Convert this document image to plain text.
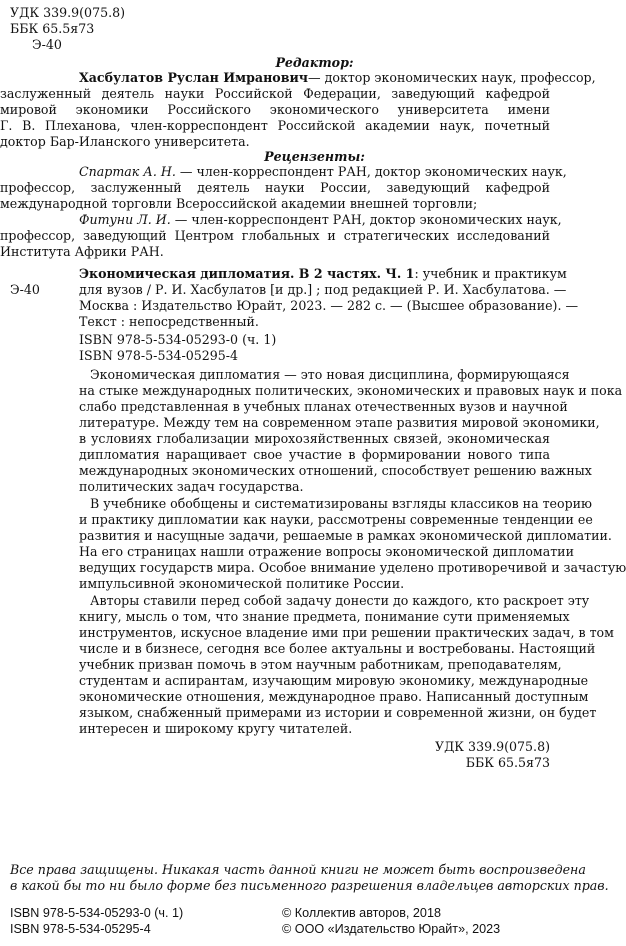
УДК 339.9(075.8)
ББК 65.5я73
Э-40
Редактор:
Хасбулатов Руслан Имранович— доктор экономических наук, профессор,
заслуженный деятель науки Российской Федерации, заведующий кафедрой
мировой экономики Российского экономического университета имени
Г. В. Плеханова, член-корреспондент Российской академии наук, почетный
доктор Бар-Иланского университета.
Рецензенты:
Спартак А. Н. — член-корреспондент РАН, доктор экономических наук,
профессор, заслуженный деятель науки России, заведующий кафедрой
международной торговли Всероссийской академии внешней торговли;
Фитуни Л. И. — член-корреспондент РАН, доктор экономических наук,
профессор, заведующий Центром глобальных и стратегических исследований
Института Африки РАН.
Экономическая дипломатия. В 2 частях. Ч. 1: учебник и практикум
для вузов / Р. И. Хасбулатов [и др.] ; под редакцией Р. И. Хасбулатова. —
Москва : Издательство Юрайт, 2023. — 282 с. — (Высшее образование). —
Текст : непосредственный.
ISBN 978-5-534-05293-0 (ч. 1)
ISBN 978-5-534-05295-4
Экономическая дипломатия — это новая дисциплина, формирующаяся
на стыке международных политических, экономических и правовых наук и пока
слабо представленная в учебных планах отечественных вузов и научной
литературе. Между тем на современном этапе развития мировой экономики,
в условиях глобализации мирохозяйственных связей, экономическая
дипломатия наращивает свое участие в формировании нового типа
международных экономических отношений, способствует решению важных
политических задач государства.
В учебнике обобщены и систематизированы взгляды классиков на теорию
и практику дипломатии как науки, рассмотрены современные тенденции ее
развития и насущные задачи, решаемые в рамках экономической дипломатии.
На его страницах нашли отражение вопросы экономической дипломатии
ведущих государств мира. Особое внимание уделено противоречивой и зачастую
импульсивной экономической политике России.
Авторы ставили перед собой задачу донести до каждого, кто раскроет эту
книгу, мысль о том, что знание предмета, понимание сути применяемых
инструментов, искусное владение ими при решении практических задач, в том
числе и в бизнесе, сегодня все более актуальны и востребованы. Настоящий
учебник призван помочь в этом научным работникам, преподавателям,
студентам и аспирантам, изучающим мировую экономику, международные
экономические отношения, международное право. Написанный доступным
языком, снабженный примерами из истории и современной жизни, он будет
интересен и широкому кругу читателей.
Э-40
Все права защищены. Никакая часть данной книги не может быть воспроизведена
в какой бы то ни было форме без письменного разрешения владельцев авторских прав.
ISBN 978-5-534-05293-0 (ч. 1)
ISBN 978-5-534-05295-4
© Коллектив авторов, 2018
© ООО «Издательство Юрайт», 2023
УДК 339.9(075.8)
ББК 65.5я73
